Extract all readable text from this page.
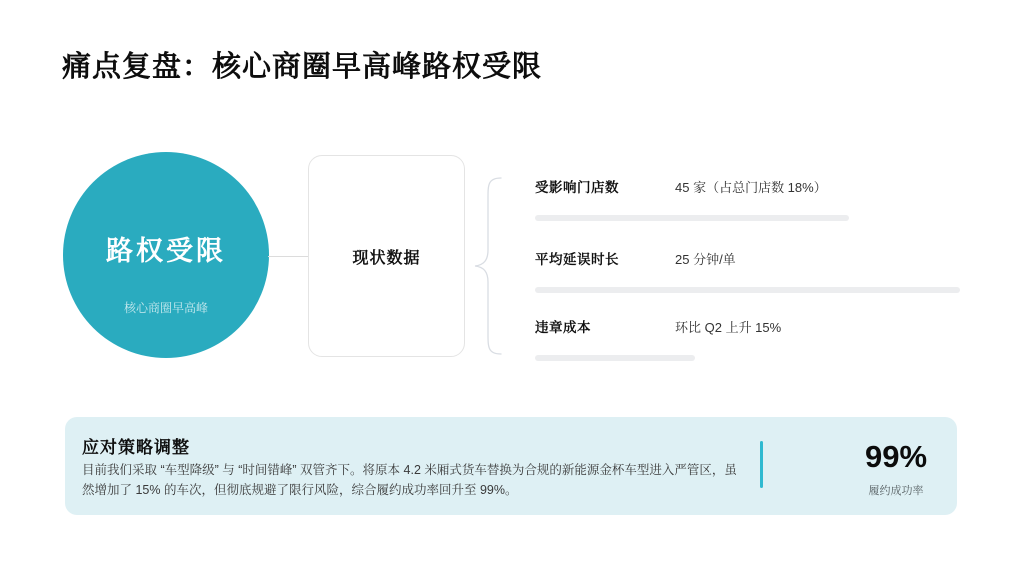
痛点复盘：核心商圈早高峰路权受限
路权受限
核心商圈早高峰
现状数据
受影响门店数	45 家（占总门店数 18%）
平均延误时长	25 分钟/单
违章成本	环比 Q2 上升 15%
应对策略调整
目前我们采取 “车型降级” 与 “时间错峰” 双管齐下。将原本 4.2 米厢式货车替换为合规的新能源金杯车型进入严管区，虽然增加了 15% 的车次，但彻底规避了限行风险，综合履约成功率回升至 99%。
99%
履约成功率
